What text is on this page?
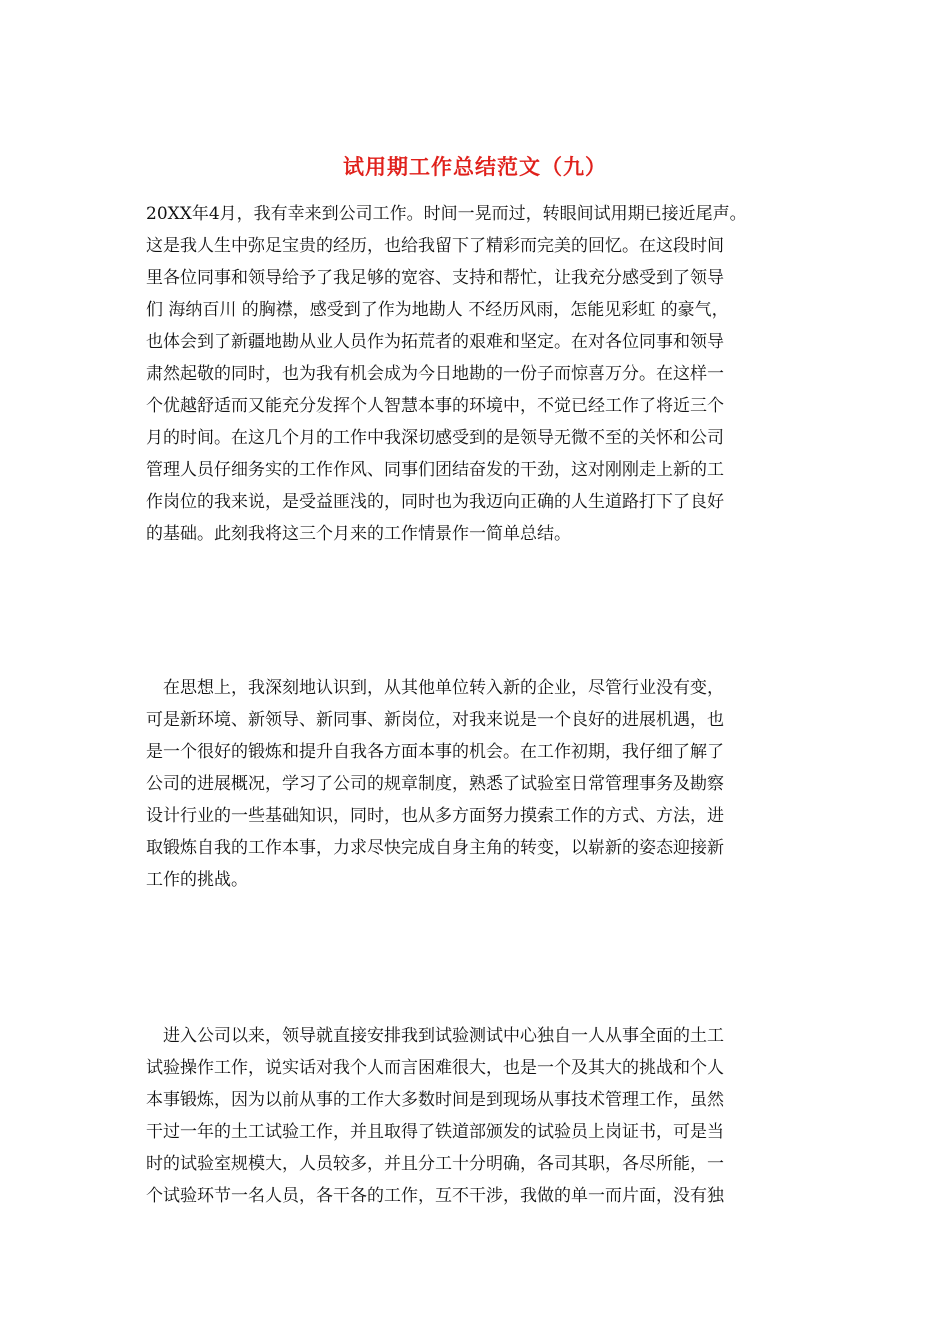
试用期工作总结范文（九）
20XX年4月，我有幸来到公司工作。时间一晃而过，转眼间试用期已接近尾声。
这是我人生中弥足宝贵的经历，也给我留下了精彩而完美的回忆。在这段时间
里各位同事和领导给予了我足够的宽容、支持和帮忙，让我充分感受到了领导
们 海纳百川 的胸襟，感受到了作为地勘人 不经历风雨，怎能见彩虹 的豪气，
也体会到了新疆地勘从业人员作为拓荒者的艰难和坚定。在对各位同事和领导
肃然起敬的同时，也为我有机会成为今日地勘的一份子而惊喜万分。在这样一
个优越舒适而又能充分发挥个人智慧本事的环境中，不觉已经工作了将近三个
月的时间。在这几个月的工作中我深切感受到的是领导无微不至的关怀和公司
管理人员仔细务实的工作作风、同事们团结奋发的干劲，这对刚刚走上新的工
作岗位的我来说，是受益匪浅的，同时也为我迈向正确的人生道路打下了良好
的基础。此刻我将这三个月来的工作情景作一简单总结。
　在思想上，我深刻地认识到，从其他单位转入新的企业，尽管行业没有变，
可是新环境、新领导、新同事、新岗位，对我来说是一个良好的进展机遇，也
是一个很好的锻炼和提升自我各方面本事的机会。在工作初期，我仔细了解了
公司的进展概况，学习了公司的规章制度，熟悉了试验室日常管理事务及勘察
设计行业的一些基础知识，同时，也从多方面努力摸索工作的方式、方法，进
取锻炼自我的工作本事，力求尽快完成自身主角的转变，以崭新的姿态迎接新
工作的挑战。
　进入公司以来，领导就直接安排我到试验测试中心独自一人从事全面的土工
试验操作工作，说实话对我个人而言困难很大，也是一个及其大的挑战和个人
本事锻炼，因为以前从事的工作大多数时间是到现场从事技术管理工作，虽然
干过一年的土工试验工作，并且取得了铁道部颁发的试验员上岗证书，可是当
时的试验室规模大，人员较多，并且分工十分明确，各司其职，各尽所能，一
个试验环节一名人员，各干各的工作，互不干涉，我做的单一而片面，没有独
